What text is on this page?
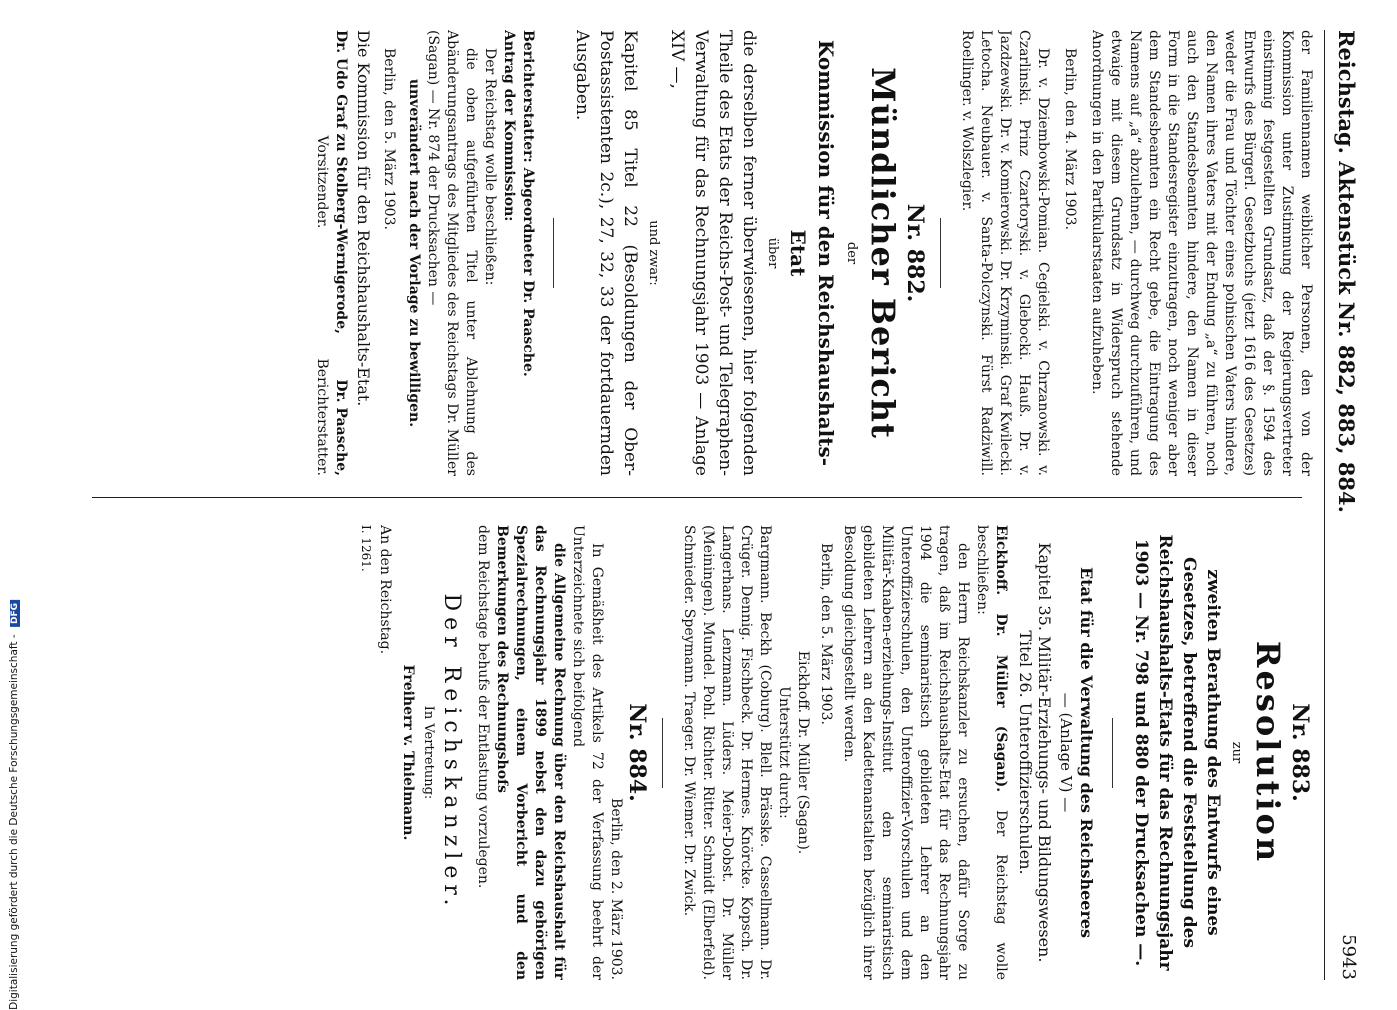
Reichstag. Aktenstück Nr. 882, 883, 884.
5943

der Familiennamen weiblicher Personen, den von der Kommission unter Zustimmung der Regierungsvertreter einstimmig festgestellten Grundsatz, daß der §. 1594 des Entwurfs des Bürgerl. Gesetzbuchs (jetzt 1616 des Gesetzes) weder die Frau und Töchter eines polnischen Vaters hindere, den Namen ihres Vaters mit der Endung „a“ zu führen, noch auch den Standesbeamten hindere, den Namen in dieser Form in die Standesregister einzutragen, noch weniger aber dem Standesbeamten ein Recht gebe, die Eintragung des Namens auf „a“ abzulehnen, — durchweg durchzuführen, und etwaige mit diesem Grundsatz in Widerspruch stehende Anordnungen in den Partikularstaaten aufzuheben.

Berlin, den 4. März 1903.

Dr. v. Dziembowski-Pomian. Cegielski. v. Chrzanowski. v. Czarlinski. Prinz Czartoryski. v. Glebocki. Hauß. Dr. v. Jazdzewski. Dr. v. Komierowski. Dr. Krzyminski. Graf Kwilecki. Letocha. Neubauer. v. Santa-Polczynski. Fürst Radziwill. Roellinger. v. Wolszlegier.

Nr. 882.
Mündlicher Bericht
der
Kommission für den Reichshaushalts-Etat
über

die derselben ferner überwiesenen, hier folgenden Theile des Etats der Reichs-Post- und Telegraphen-Verwaltung für das Rechnungsjahr 1903 — Anlage XIV —,

und zwar:

Kapitel 85 Titel 22 (Besoldungen der Ober-Postassistenten 2c.), 27, 32, 33 der fortdauernden Ausgaben.

Berichterstatter: Abgeordneter Dr. Paasche.

Antrag der Kommission:

Der Reichstag wolle beschließen:

die oben aufgeführten Titel unter Ablehnung des Abänderungsantrags des Mitgliedes des Reichstags Dr. Müller (Sagan) — Nr. 874 der Drucksachen —

unverändert nach der Vorlage zu bewilligen.

Berlin, den 5. März 1903.

Die Kommission für den Reichshaushalts-Etat.

Dr. Udo Graf zu Stolberg-Wernigerode,
Vorsitzender.
Dr. Paasche,
Berichterstatter.
Nr. 883.
Resolution
zur

zweiten Berathung des Entwurfs eines Gesetzes, betreffend die Feststellung des Reichshaushalts-Etats für das Rechnungsjahr 1903 — Nr. 798 und 880 der Drucksachen —.

Etat für die Verwaltung des Reichsheeres
— (Anlage V) —
Kapitel 35. Militär-Erziehungs- und Bildungswesen.
Titel 26. Unteroffizierschulen.

Eickhoff. Dr. Müller (Sagan). Der Reichstag wolle beschließen:

den Herrn Reichskanzler zu ersuchen, dafür Sorge zu tragen, daß im Reichshaushalts-Etat für das Rechnungsjahr 1904 die seminaristisch gebildeten Lehrer an den Unteroffizierschulen, den Unteroffizier-Vorschulen und dem Militär-Knaben-erziehungs-Institut den seminaristisch gebildeten Lehrern an den Kadettenanstalten bezüglich ihrer Besoldung gleichgestellt werden.

Berlin, den 5. März 1903.

Eickhoff. Dr. Müller (Sagan).

Unterstützt durch:

Bargmann. Beckh (Coburg). Blell. Brässke. Cassellmann. Dr. Crüger. Dennig. Fischbeck. Dr. Hermes. Knörcke. Kopsch. Dr. Langerhans. Lenzmann. Lüders. Meier-Dobst. Dr. Müller (Meiningen). Mundel. Pohl. Richter. Ritter. Schmidt (Elberfeld). Schmieder. Speymann. Traeger. Dr. Wiemer. Dr. Zwick.

Nr. 884.

Berlin, den 2. März 1903.

In Gemäßheit des Artikels 72 der Verfassung beehrt der Unterzeichnete sich beifolgend

die Allgemeine Rechnung über den Reichshaushalt für das Rechnungsjahr 1899 nebst den dazu gehörigen Spezialrechnungen, einem Vorbericht und den Bemerkungen des Rechnungshofs

dem Reichstage behufs der Entlastung vorzulegen.

Der Reichskanzler.
In Vertretung:
Freiherr v. Thielmann.

An den Reichstag.

I. 1261.

Digitalisierung gefördert durch die Deutsche Forschungsgemeinschaft - DFG
